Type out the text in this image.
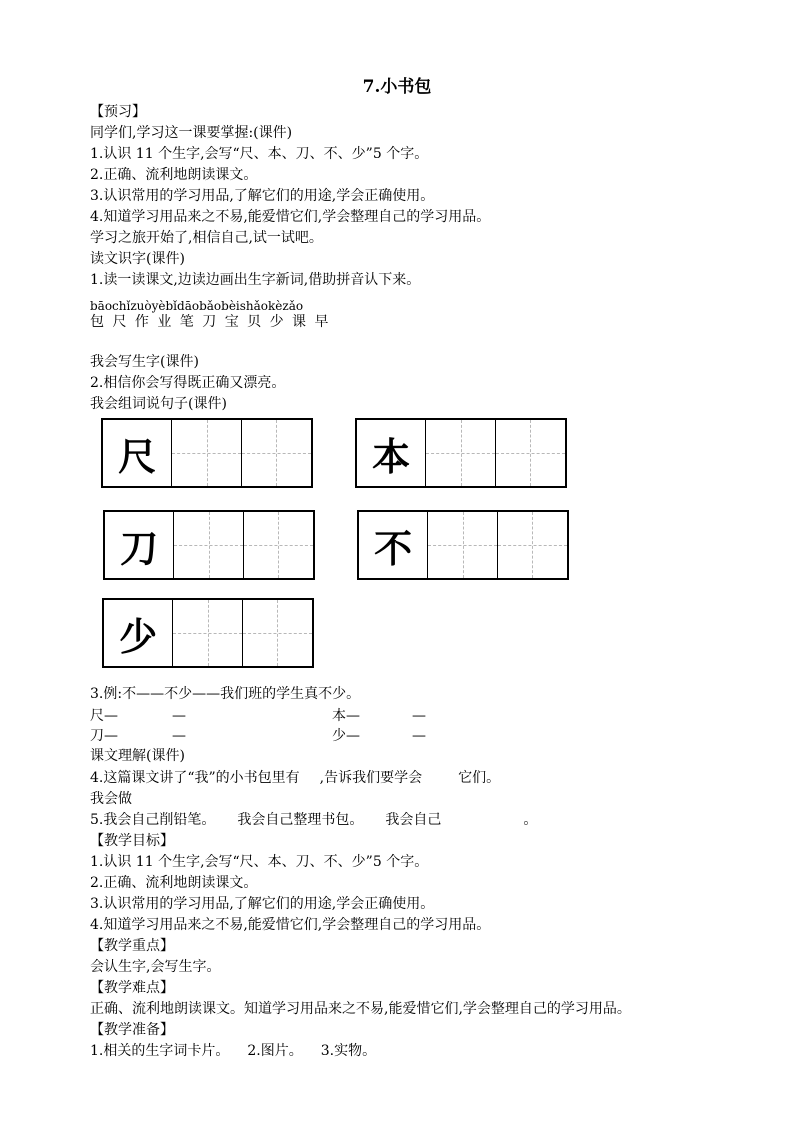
7.小书包
【预习】
同学们,学习这一课要掌握:(课件)
1.认识 11 个生字,会写“尺、本、刀、不、少”5 个字。
2.正确、流利地朗读课文。
3.认识常用的学习用品,了解它们的用途,学会正确使用。
4.知道学习用品来之不易,能爱惜它们,学会整理自己的学习用品。
学习之旅开始了,相信自己,试一试吧。
读文识字(课件)
1.读一读课文,边读边画出生字新词,借助拼音认下来。
bāochǐzuòyèbǐdāobǎobèishǎokèzǎo
包 尺 作 业 笔 刀 宝 贝 少 课 早
我会写生字(课件)
2.相信你会写得既正确又漂亮。
我会组词说句子(课件)
尺	本
刀	不
少
3.例:不——不少——我们班的学生真不少。
尺—	—	本—	—
刀—	—	少—	—
课文理解(课件)
4.这篇课文讲了“我”的小书包里有 ,告诉我们要学会	它们。
我会做
5.我会自己削铅笔。 我会自己整理书包。 我会自己	。
【教学目标】
1.认识 11 个生字,会写“尺、本、刀、不、少”5 个字。
2.正确、流利地朗读课文。
3.认识常用的学习用品,了解它们的用途,学会正确使用。
4.知道学习用品来之不易,能爱惜它们,学会整理自己的学习用品。
【教学重点】
会认生字,会写生字。
【教学难点】
正确、流利地朗读课文。知道学习用品来之不易,能爱惜它们,学会整理自己的学习用品。
【教学准备】
1.相关的生字词卡片。 2.图片。 3.实物。
